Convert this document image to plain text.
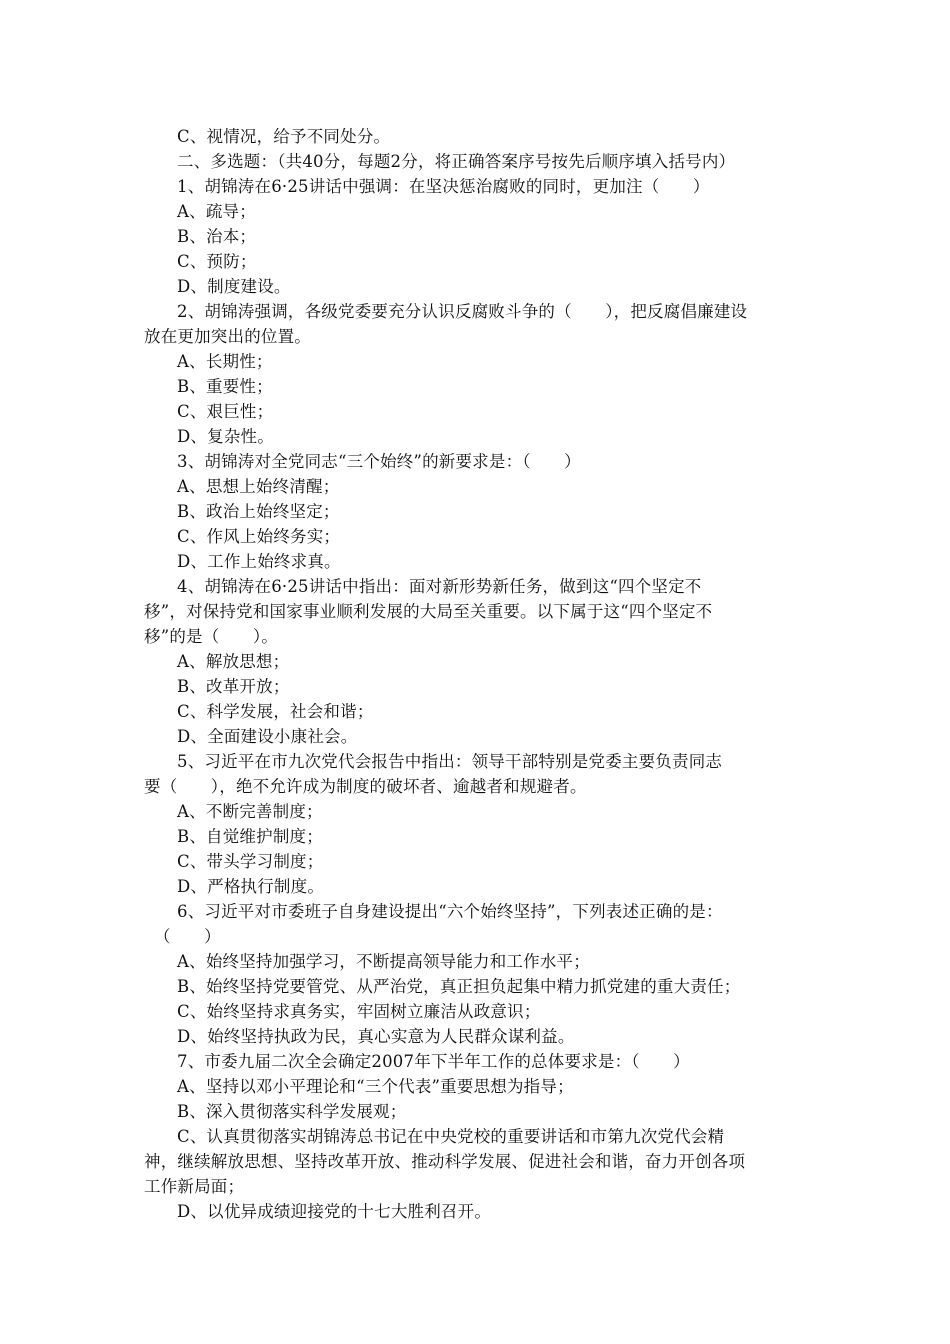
C、视情况，给予不同处分。
二、多选题：（共40分，每题2分，将正确答案序号按先后顺序填入括号内）
1、胡锦涛在6·25讲话中强调：在坚决惩治腐败的同时，更加注（　　）
A、疏导；
B、治本；
C、预防；
D、制度建设。
2、胡锦涛强调，各级党委要充分认识反腐败斗争的（　　），把反腐倡廉建设
放在更加突出的位置。
A、长期性；
B、重要性；
C、艰巨性；
D、复杂性。
3、胡锦涛对全党同志“三个始终”的新要求是：（　　）
A、思想上始终清醒；
B、政治上始终坚定；
C、作风上始终务实；
D、工作上始终求真。
4、胡锦涛在6·25讲话中指出：面对新形势新任务，做到这“四个坚定不
移”，对保持党和国家事业顺利发展的大局至关重要。以下属于这“四个坚定不
移”的是（　　）。
A、解放思想；
B、改革开放；
C、科学发展，社会和谐；
D、全面建设小康社会。
5、习近平在市九次党代会报告中指出：领导干部特别是党委主要负责同志
要（　　），绝不允许成为制度的破坏者、逾越者和规避者。
A、不断完善制度；
B、自觉维护制度；
C、带头学习制度；
D、严格执行制度。
6、习近平对市委班子自身建设提出“六个始终坚持”，下列表述正确的是：
（　　）
A、始终坚持加强学习，不断提高领导能力和工作水平；
B、始终坚持党要管党、从严治党，真正担负起集中精力抓党建的重大责任；
C、始终坚持求真务实，牢固树立廉洁从政意识；
D、始终坚持执政为民，真心实意为人民群众谋利益。
7、市委九届二次全会确定2007年下半年工作的总体要求是：（　　）
A、坚持以邓小平理论和“三个代表”重要思想为指导；
B、深入贯彻落实科学发展观；
C、认真贯彻落实胡锦涛总书记在中央党校的重要讲话和市第九次党代会精
神，继续解放思想、坚持改革开放、推动科学发展、促进社会和谐，奋力开创各项
工作新局面；
D、以优异成绩迎接党的十七大胜利召开。
